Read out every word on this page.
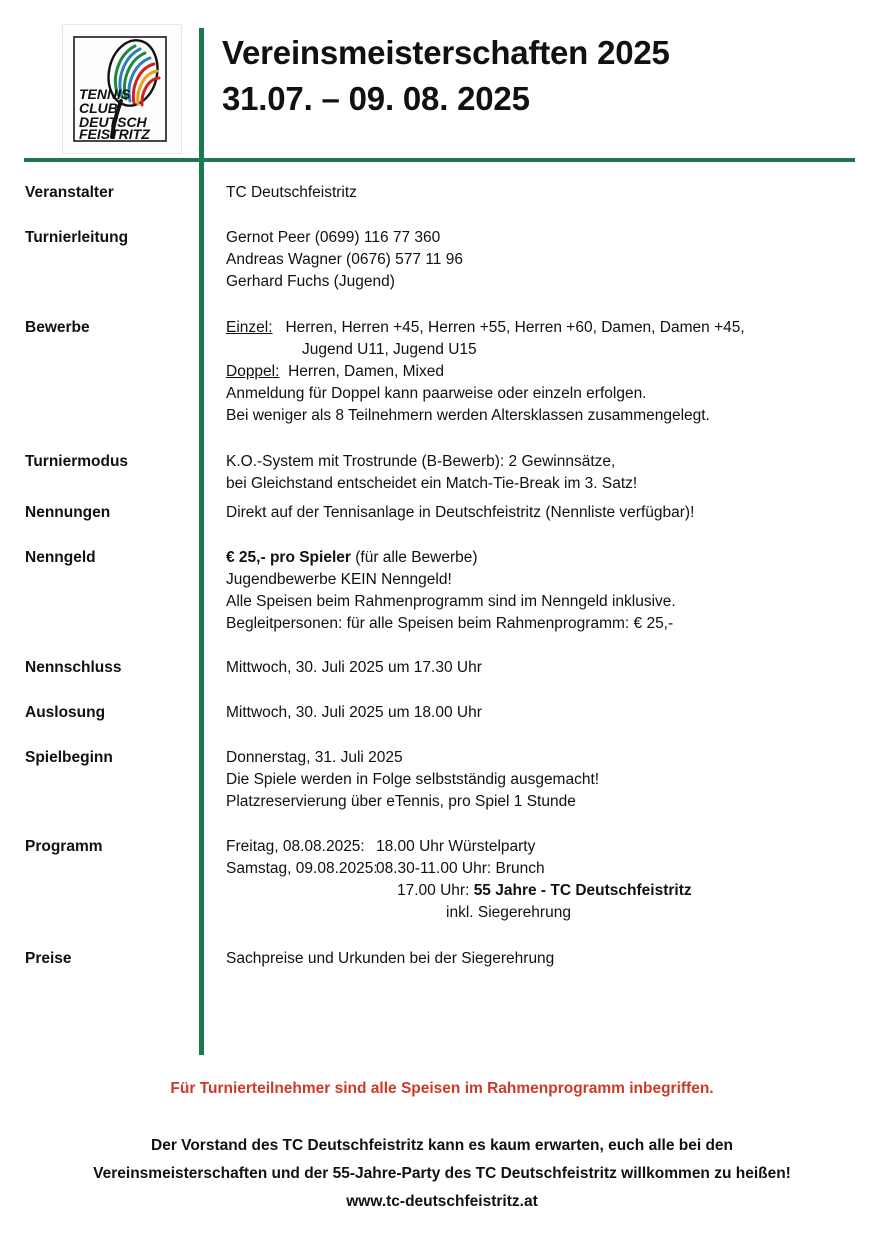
TENNIS
CLUB
DEUTSCH
FEISTRITZ
Vereinsmeisterschaften 2025
31.07. – 09. 08. 2025
Veranstalter	TC Deutschfeistritz
Turnierleitung	Gernot Peer (0699) 116 77 360
Andreas Wagner (0676) 577 11 96
Gerhard Fuchs (Jugend)
Bewerbe	Einzel: Herren, Herren +45, Herren +55, Herren +60, Damen, Damen +45,
Jugend U11, Jugend U15
Doppel: Herren, Damen, Mixed
Anmeldung für Doppel kann paarweise oder einzeln erfolgen.
Bei weniger als 8 Teilnehmern werden Altersklassen zusammengelegt.
Turniermodus	K.O.-System mit Trostrunde (B-Bewerb): 2 Gewinnsätze,
bei Gleichstand entscheidet ein Match-Tie-Break im 3. Satz!
Nennungen	Direkt auf der Tennisanlage in Deutschfeistritz (Nennliste verfügbar)!
Nenngeld	€ 25,- pro Spieler (für alle Bewerbe)
Jugendbewerbe KEIN Nenngeld!
Alle Speisen beim Rahmenprogramm sind im Nenngeld inklusive.
Begleitpersonen: für alle Speisen beim Rahmenprogramm: € 25,-
Nennschluss	Mittwoch, 30. Juli 2025 um 17.30 Uhr
Auslosung	Mittwoch, 30. Juli 2025 um 18.00 Uhr
Spielbeginn	Donnerstag, 31. Juli 2025
Die Spiele werden in Folge selbstständig ausgemacht!
Platzreservierung über eTennis, pro Spiel 1 Stunde
Programm	Freitag, 08.08.2025: 18.00 Uhr Würstelparty
Samstag, 09.08.2025:08.30-11.00 Uhr: Brunch
17.00 Uhr: 55 Jahre - TC Deutschfeistritz
inkl. Siegerehrung
Preise	Sachpreise und Urkunden bei der Siegerehrung
Für Turnierteilnehmer sind alle Speisen im Rahmenprogramm inbegriffen.
Der Vorstand des TC Deutschfeistritz kann es kaum erwarten, euch alle bei den
Vereinsmeisterschaften und der 55-Jahre-Party des TC Deutschfeistritz willkommen zu heißen!
www.tc-deutschfeistritz.at
